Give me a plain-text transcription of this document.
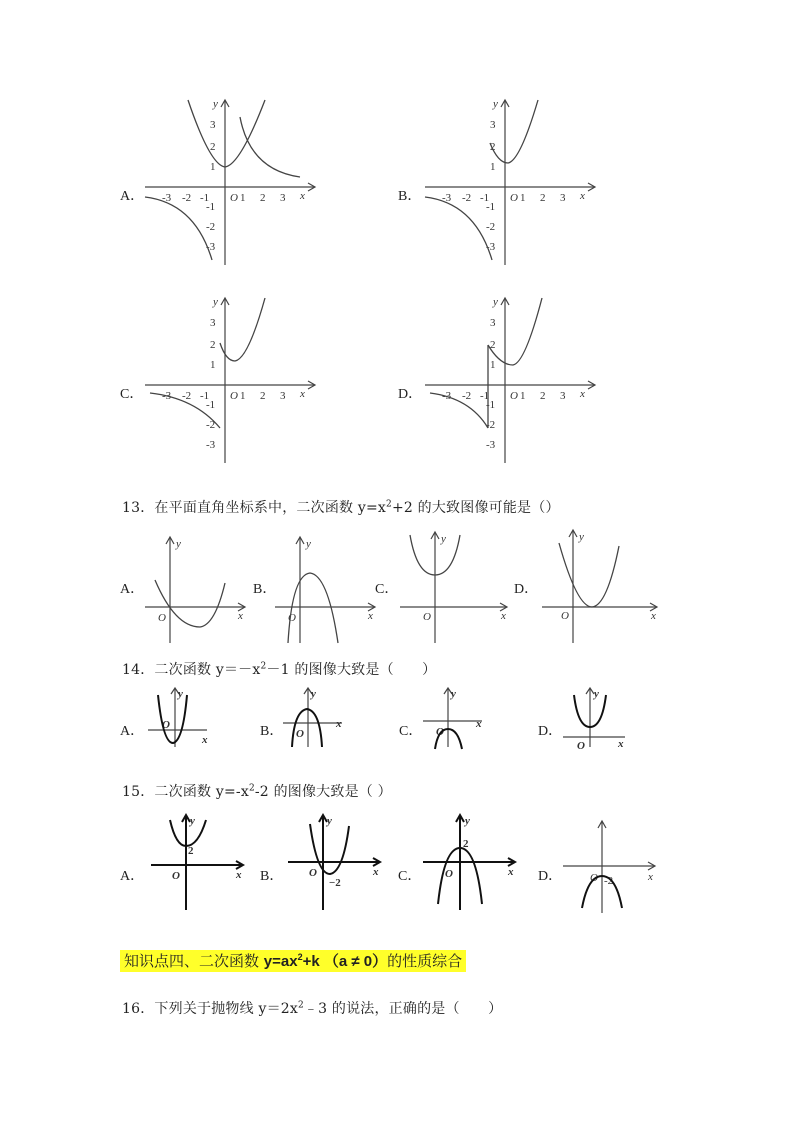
A．	x
y
-3 -2 -1 O 1 2 3
3
2
1
-1
-2
-3
B．	x
y
-3 -2 -1 O 1 2 3
3
2
1
-1
-2
-3
C．	x
y
-3 -2 -1 O 1 2 3
3
2
1
-1
-2
-3
D．	x
y
-3 -2 -1 O 1 2 3
3
2
1
-1
-2
-3
13．在平面直角坐标系中，二次函数 $y=x^2+2$ 的大致图像可能是（）
A．
x
y
O
B．
x
y
O
C．
x
y
O
D．
x
y
O
14．二次函数 $y=-x^2-1$ 的图像大致是（　　）
A．
x
y
O	B．	x
y
O	C．	x
y
O	D．
x
y
O
15．二次函数 $y=-x^2-2$ 的图像大致是（ ）
A．	x
y
O
2
B．	x
y
O
−2	C．	x
y
O
2
D．	x
O -2
知识点四、二次函数 $y=ax^2+k$ （a ≠ 0）的性质综合
16．下列关于抛物线 $y=2x^2﹣3$ 的说法，正确的是（　　）
